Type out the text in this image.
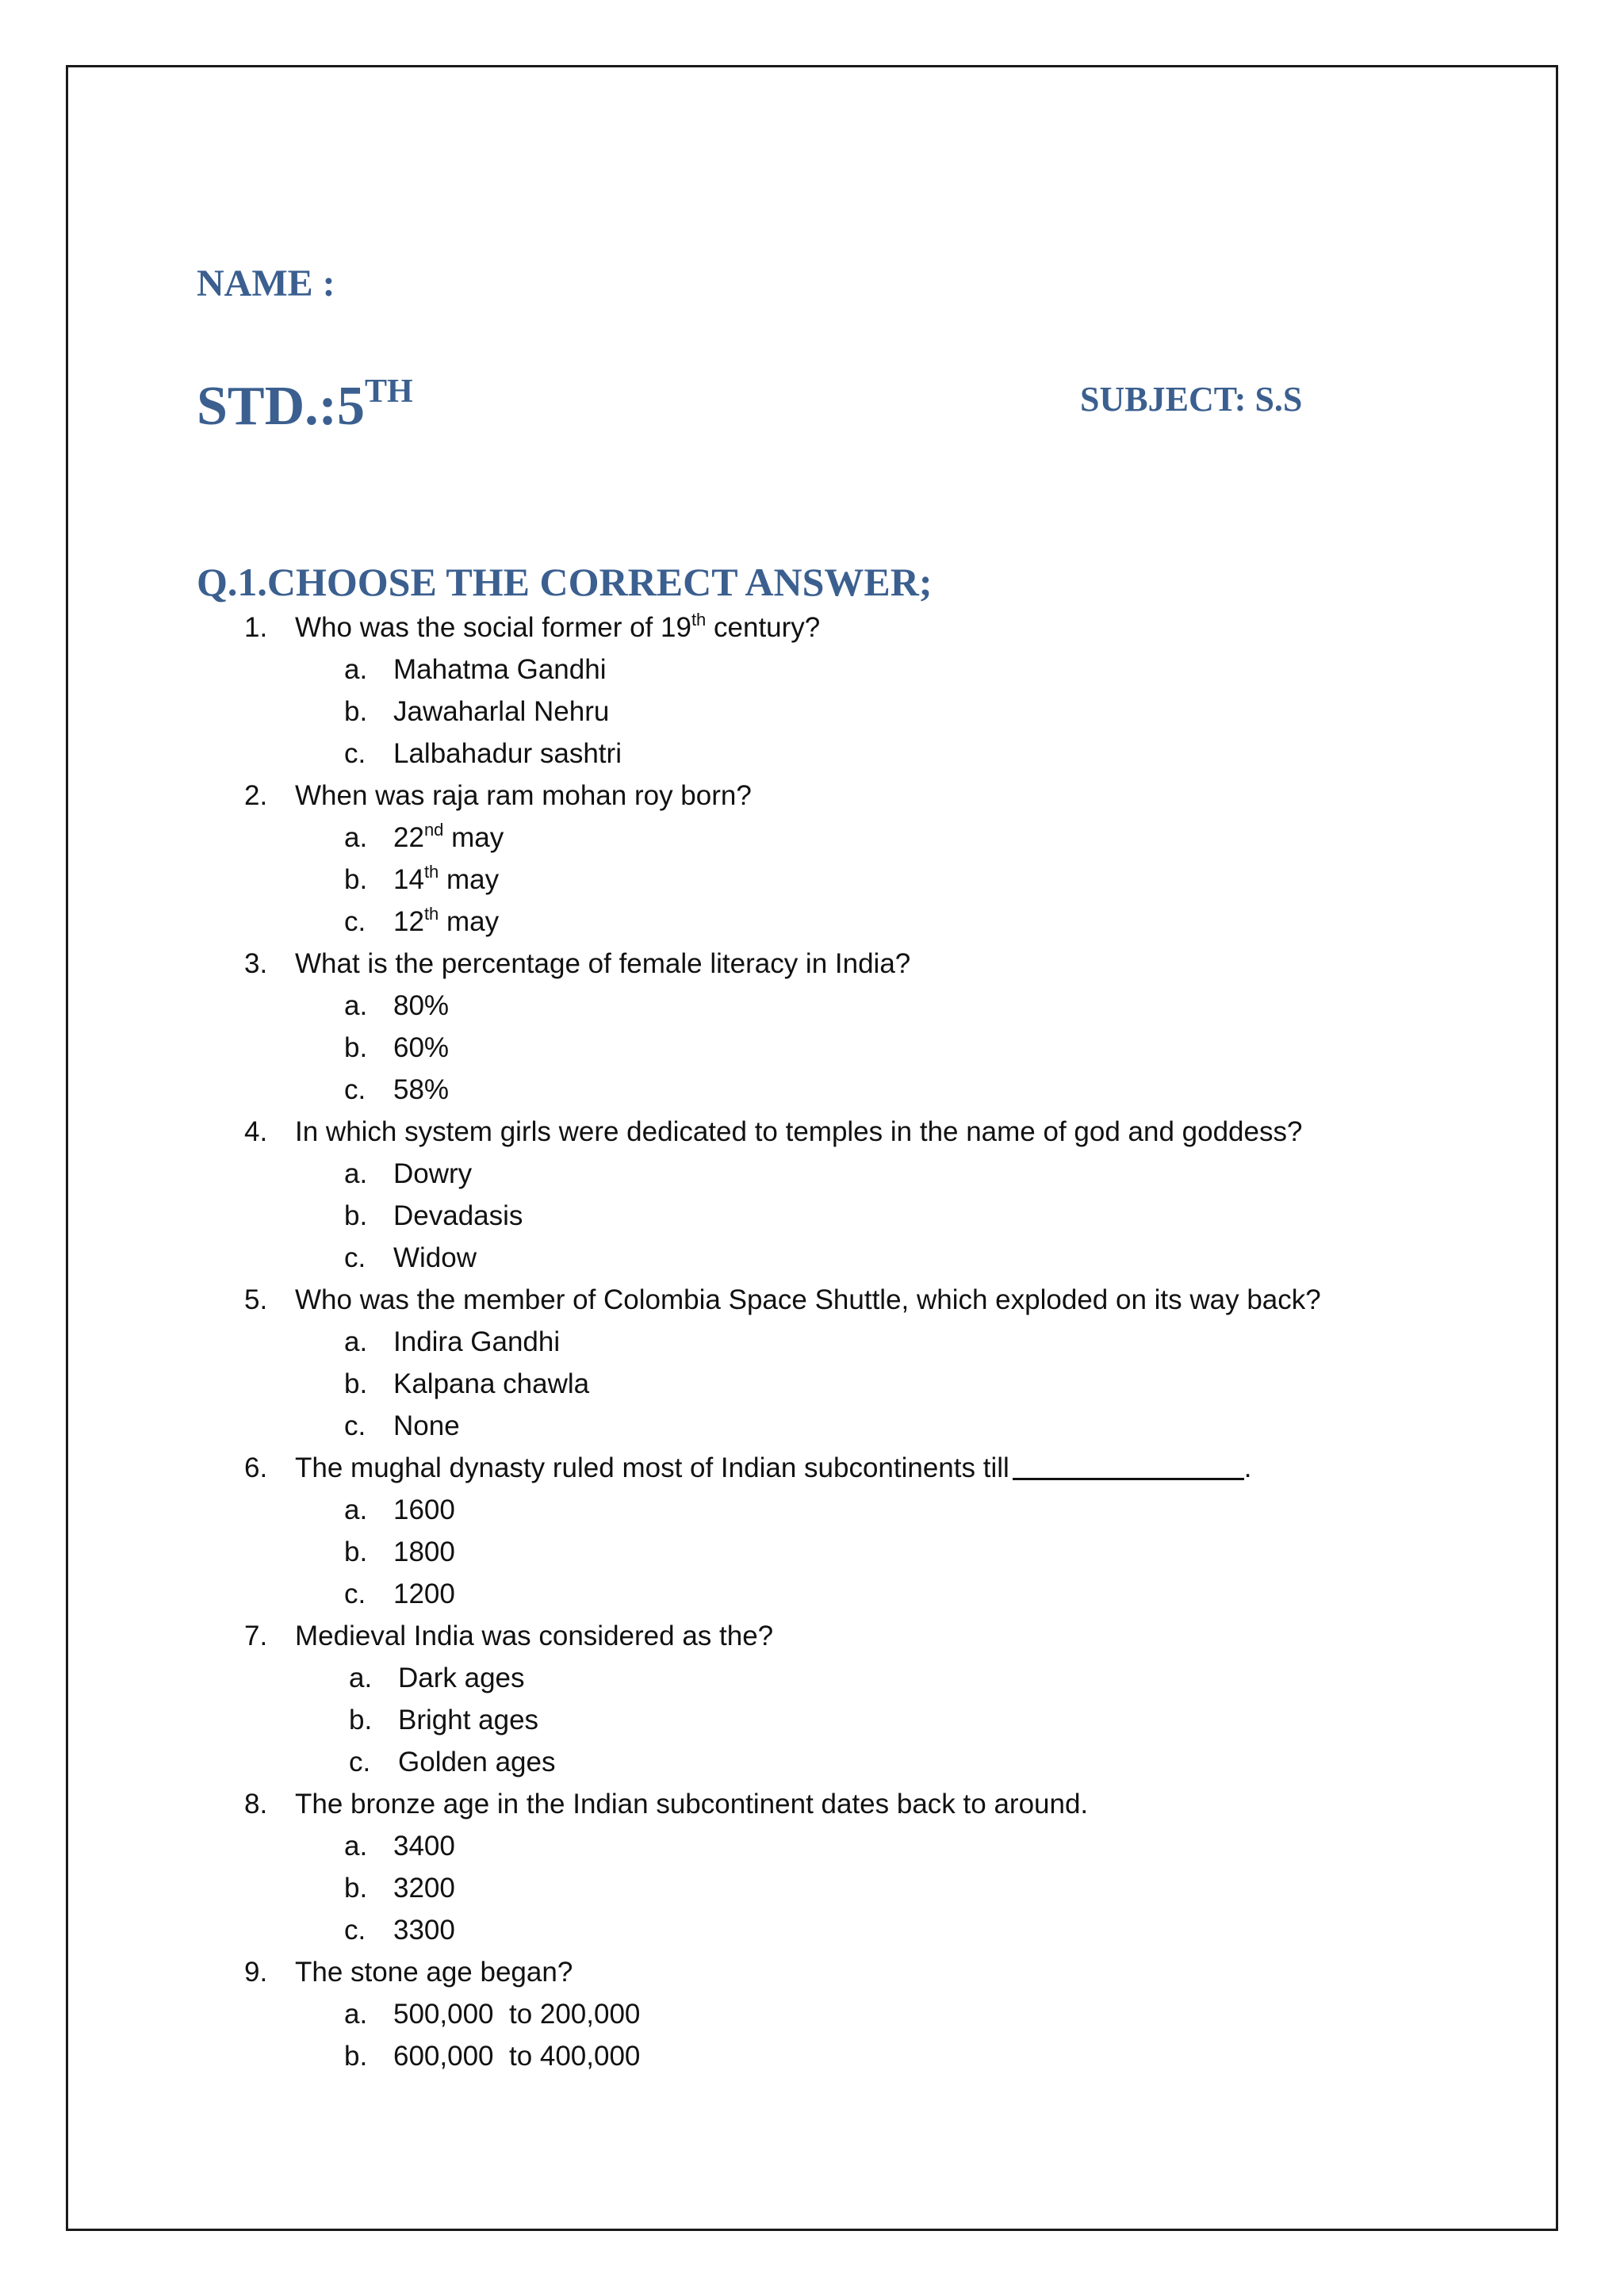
NAME :
STD.:5TH	SUBJECT: S.S
Q.1.CHOOSE THE CORRECT ANSWER;
1. Who was the social former of 19th century?
a. Mahatma Gandhi
b. Jawaharlal Nehru
c. Lalbahadur sashtri
2. When was raja ram mohan roy born?
a. 22nd may
b. 14th may
c. 12th may
3. What is the percentage of female literacy in India?
a. 80%
b. 60%
c. 58%
4. In which system girls were dedicated to temples in the name of god and goddess?
a. Dowry
b. Devadasis
c. Widow
5. Who was the member of Colombia Space Shuttle, which exploded on its way back?
a. Indira Gandhi
b. Kalpana chawla
c. None
6. The mughal dynasty ruled most of Indian subcontinents till	.
a. 1600
b. 1800
c. 1200
7. Medieval India was considered as the?
a. Dark ages
b. Bright ages
c. Golden ages
8. The bronze age in the Indian subcontinent dates back to around.
a. 3400
b. 3200
c. 3300
9. The stone age began?
a. 500,000  to 200,000
b. 600,000  to 400,000
